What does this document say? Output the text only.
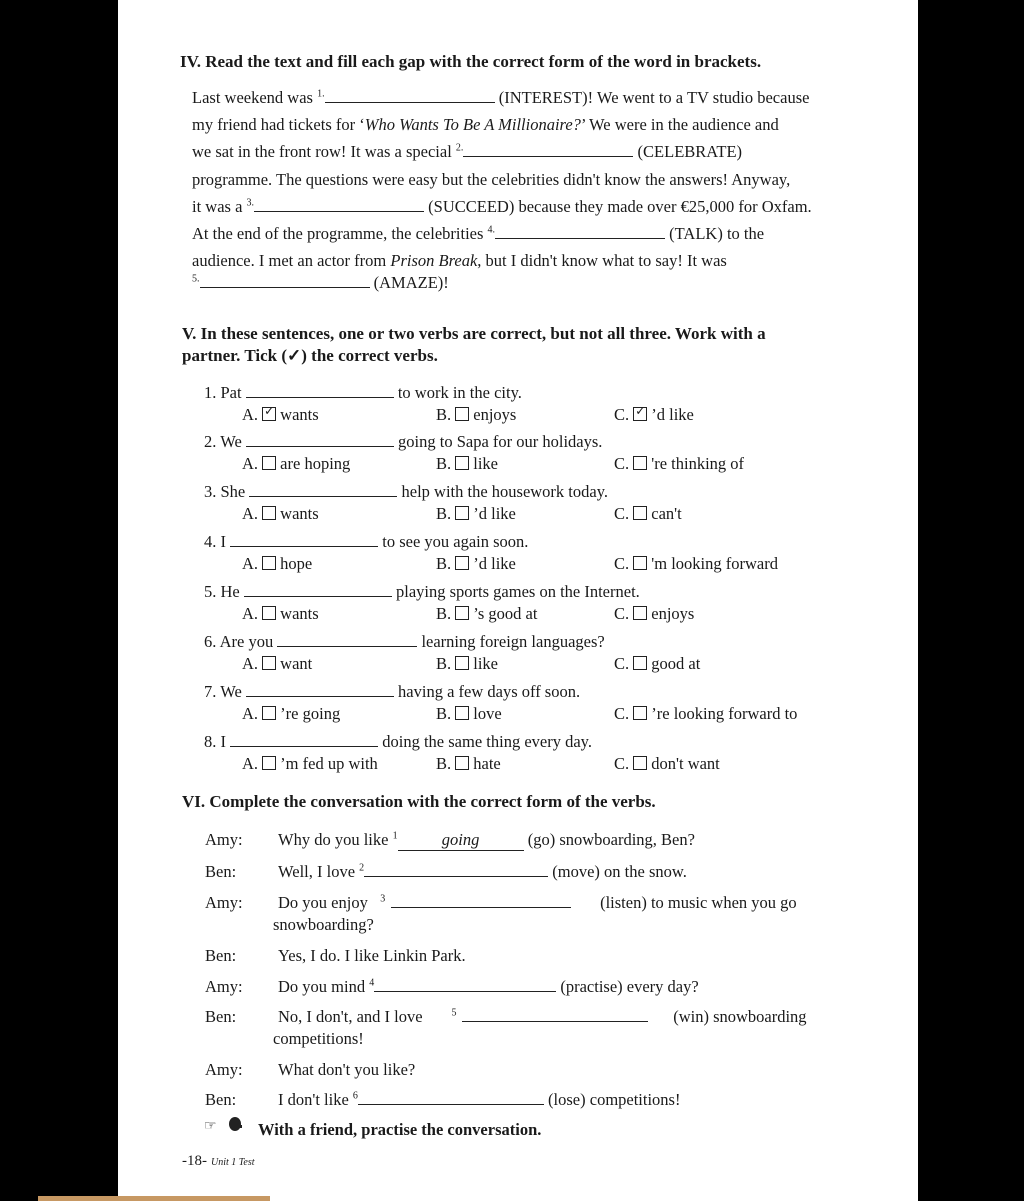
IV. Read the text and fill each gap with the correct form of the word in brackets.
Last weekend was $^{1.}$	(INTEREST)! We went to a TV studio because
my friend had tickets for ‘Who Wants To Be A Millionaire?’ We were in the audience and
we sat in the front row! It was a special $^{2.}$	(CELEBRATE)
programme. The questions were easy but the celebrities didn't know the answers! Anyway,
it was a $^{3.}$	(SUCCEED) because they made over €25,000 for Oxfam.
At the end of the programme, the celebrities $^{4.}$	(TALK) to the
audience. I met an actor from Prison Break, but I didn't know what to say! It was
$^{5.}$	(AMAZE)!
V. In these sentences, one or two verbs are correct, but not all three. Work with a
partner. Tick (✓) the correct verbs.
1. Pat	to work in the city.
A. ✓ wants	B. enjoys	C. ✓ ’d like
2. We	going to Sapa for our holidays.
A. are hoping	B. like	C. 're thinking of
3. She	help with the housework today.
A. wants	B. ’d like	C. can't
4. I	to see you again soon.
A. hope	B. ’d like	C. 'm looking forward
5. He	playing sports games on the Internet.
A. wants	B. ’s good at	C. enjoys
6. Are you	learning foreign languages?
A. want	B. like	C. good at
7. We	having a few days off soon.
A. ’re going	B. love	C. ’re looking forward to
8. I	doing the same thing every day.
A. ’m fed up with	B. hate	C. don't want
VI. Complete the conversation with the correct form of the verbs.
Amy: Why do you like $^1$	going	(go) snowboarding, Ben?
Ben:	Well, I love $^2$	(move) on the snow.
Amy: Do you enjoy $^3$	(listen) to music when you go
snowboarding?
Ben:	Yes, I do. I like Linkin Park.
Amy: Do you mind $^4$	(practise) every day?
Ben:	No, I don't, and I love	$^5$	(win) snowboarding
competitions!
Amy: What don't you like?
Ben:	I don't like $^6$	(lose) competitions!
☞	With a friend, practise the conversation.
-18- Unit 1 Test
